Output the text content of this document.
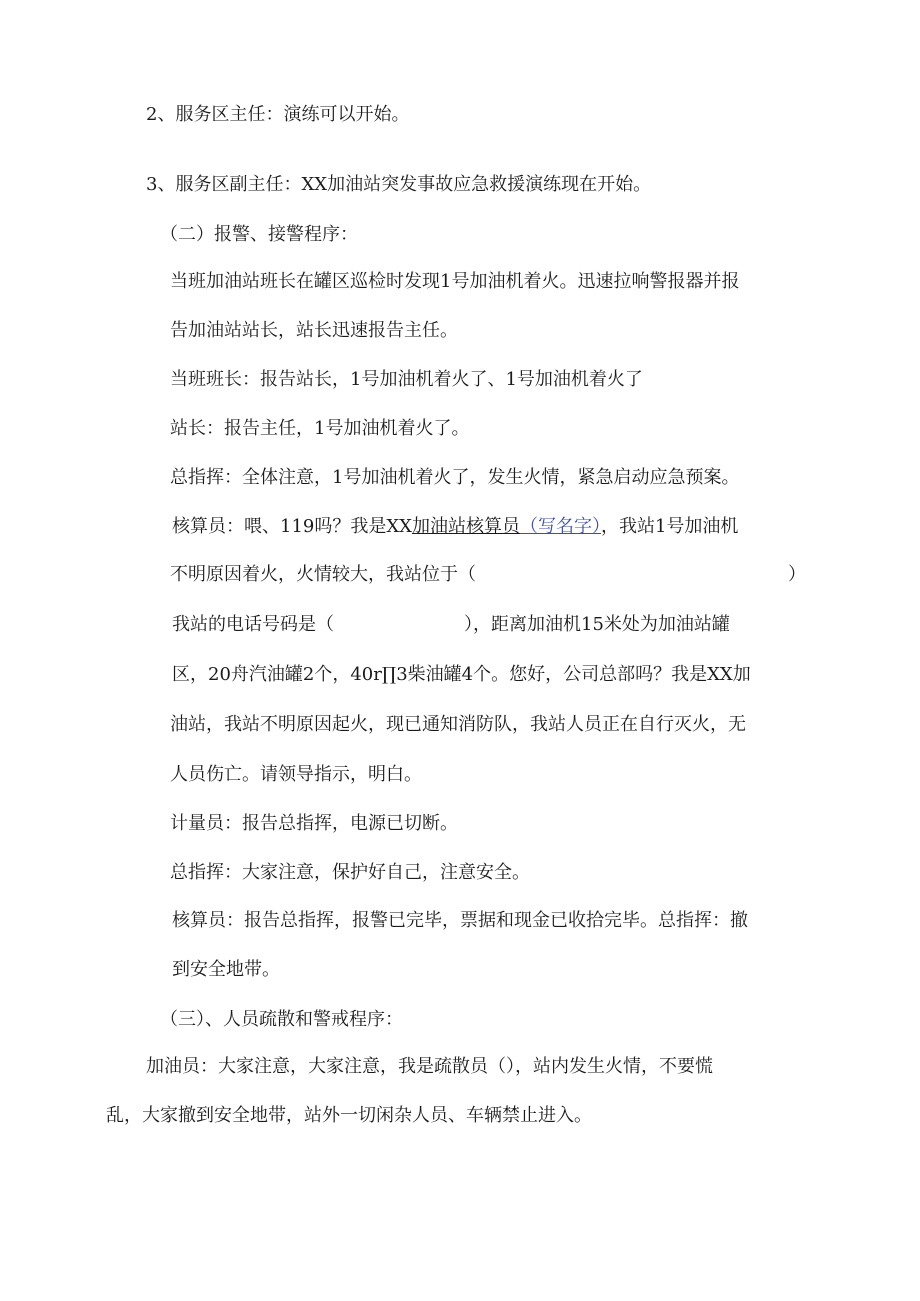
2、服务区主任：演练可以开始。
3、服务区副主任：XX加油站突发事故应急救援演练现在开始。
（二）报警、接警程序：
当班加油站班长在罐区巡检时发现1号加油机着火。迅速拉响警报器并报
告加油站站长，站长迅速报告主任。
当班班长：报告站长，1号加油机着火了、1号加油机着火了
站长：报告主任，1号加油机着火了。
总指挥：全体注意，1号加油机着火了，发生火情，紧急启动应急预案。
核算员：喂、119吗？我是XX加油站核算员（写名字），我站1号加油机
不明原因着火，火情较大，我站位于（	）
我站的电话号码是（	），距离加油机15米处为加油站罐
区，20舟汽油罐2个，40r∏3柴油罐4个。您好，公司总部吗？我是XX加
油站，我站不明原因起火，现已通知消防队，我站人员正在自行灭火，无
人员伤亡。请领导指示，明白。
计量员：报告总指挥，电源已切断。
总指挥：大家注意，保护好自己，注意安全。
核算员：报告总指挥，报警已完毕，票据和现金已收拾完毕。总指挥：撤
到安全地带。
（三）、人员疏散和警戒程序：
加油员：大家注意，大家注意，我是疏散员（），站内发生火情，不要慌
乱，大家撤到安全地带，站外一切闲杂人员、车辆禁止进入。
